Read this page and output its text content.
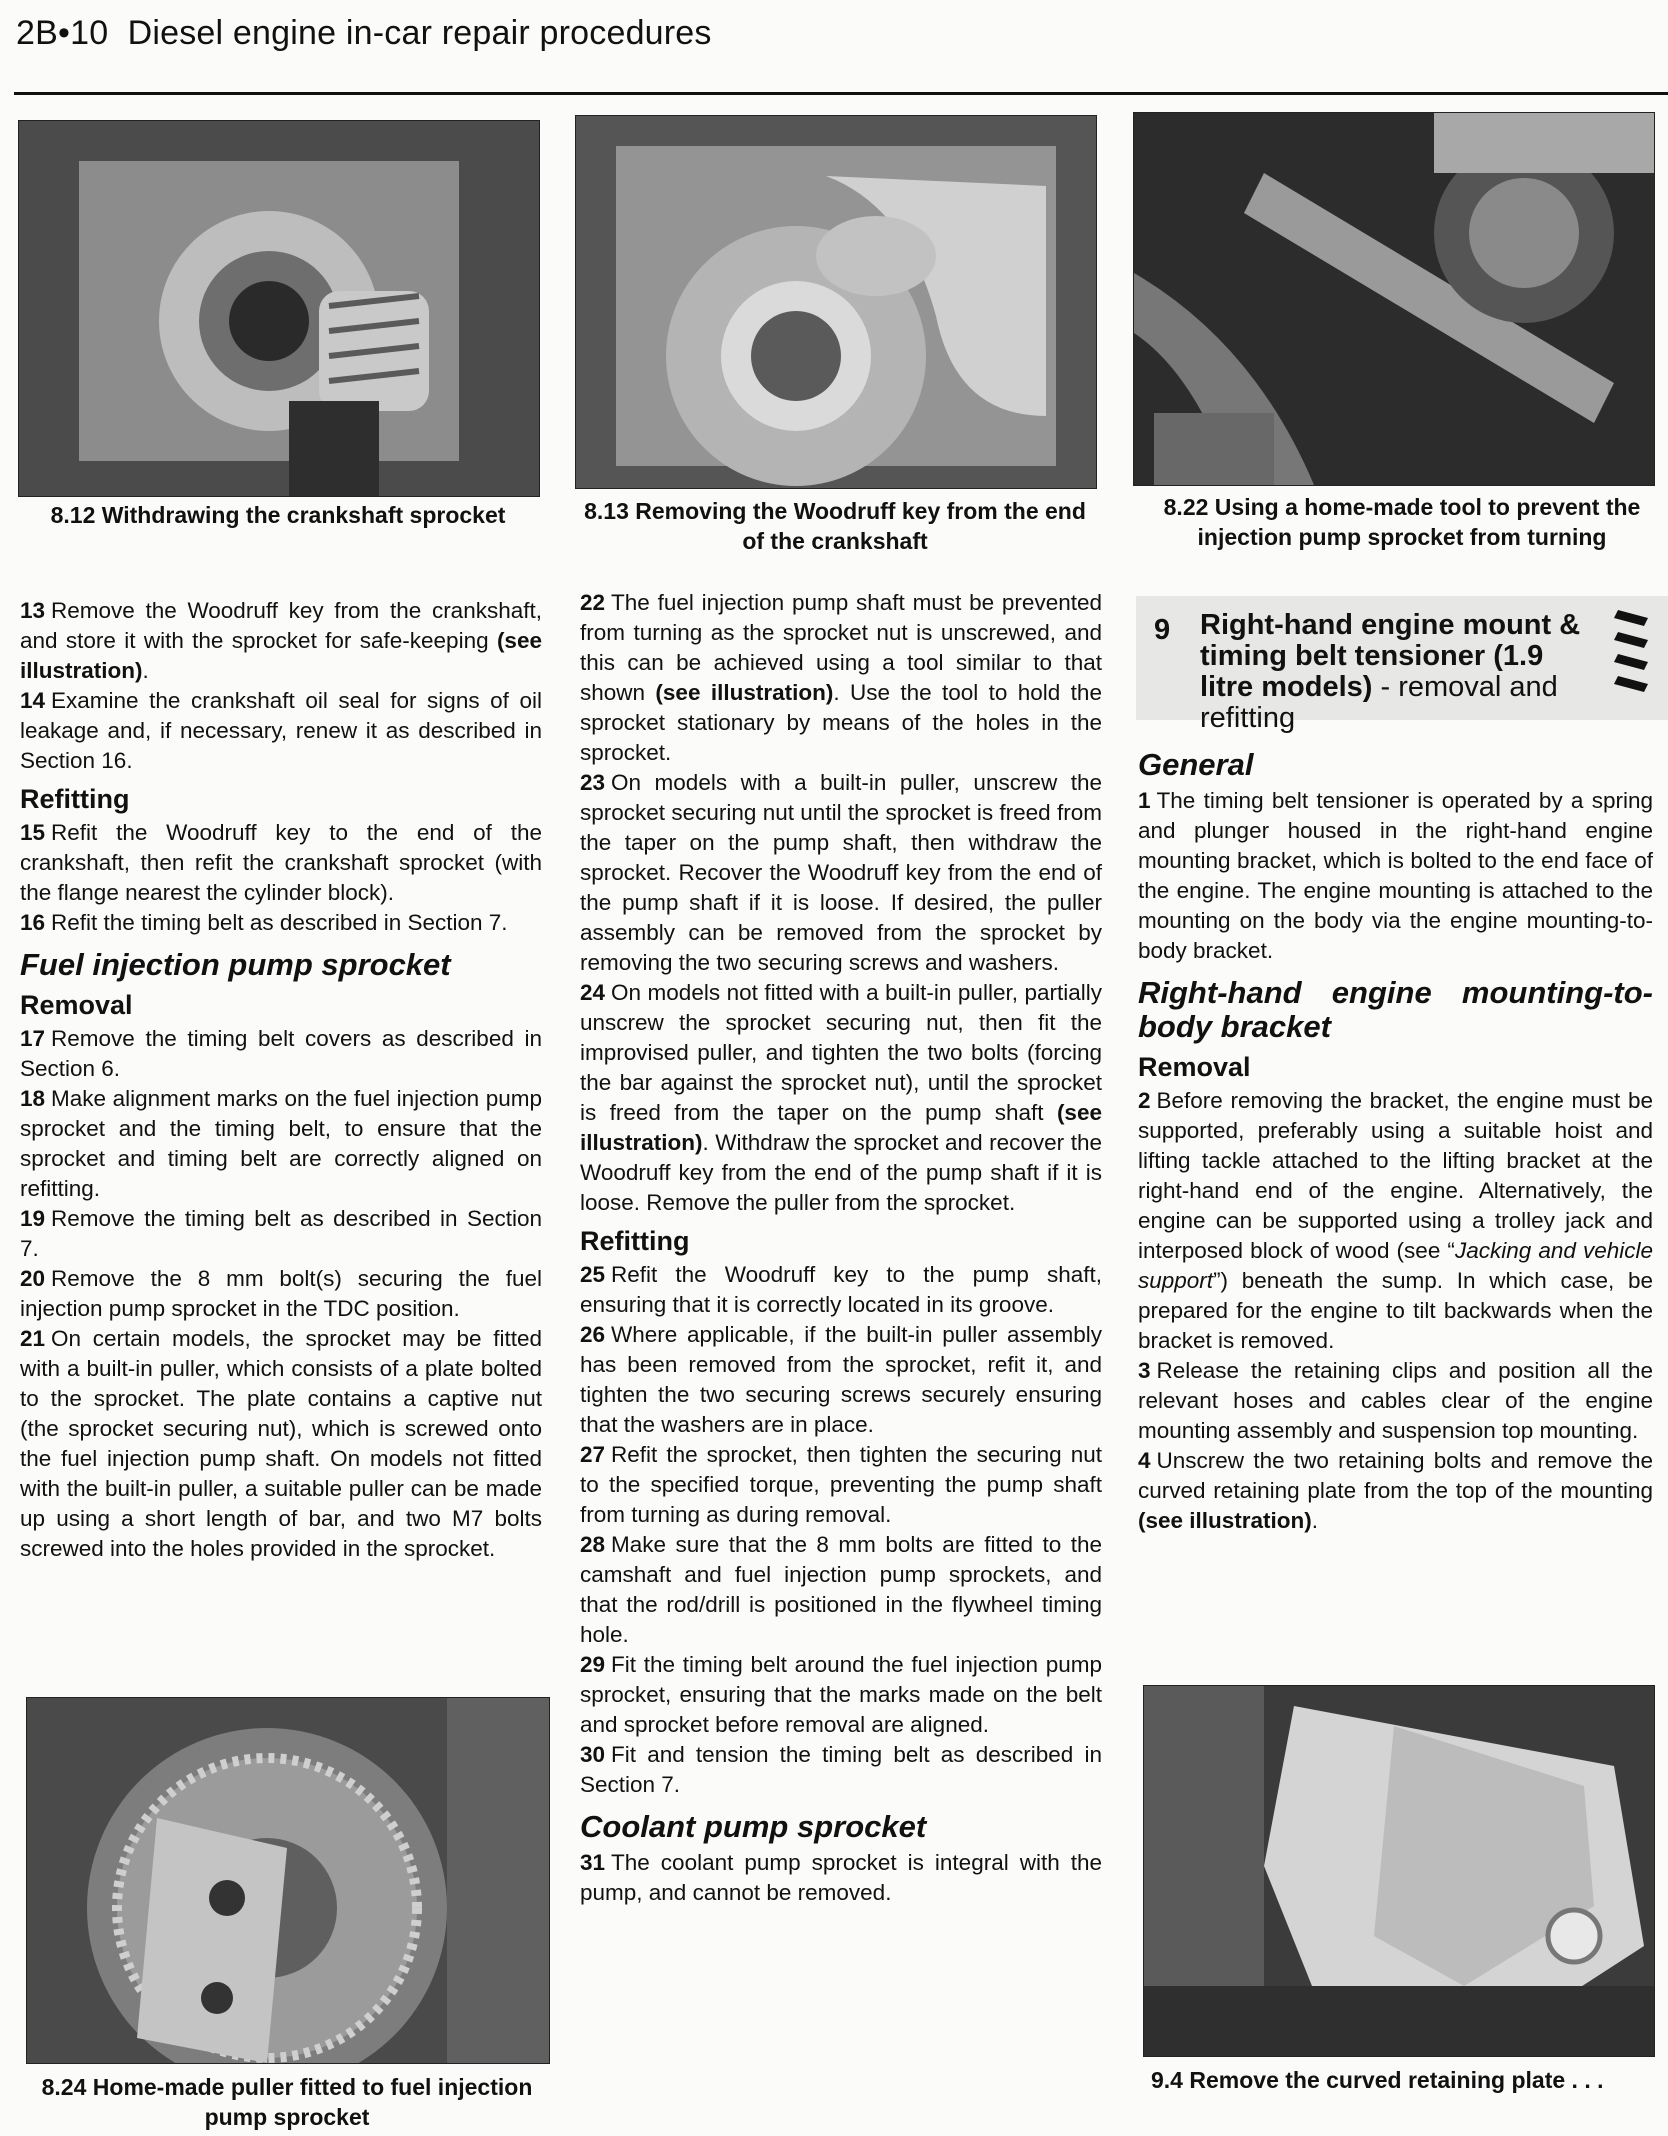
2B•10 Diesel engine in-car repair procedures
8.12 Withdrawing the crankshaft sprocket	8.13 Removing the Woodruff key from the end of the crankshaft
8.22 Using a home-made tool to prevent the injection pump sprocket from turning
8.24 Home-made puller fitted to fuel injection pump sprocket
9.4 Remove the curved retaining plate . . .

13 Remove the Woodruff key from the crankshaft, and store it with the sprocket for safe-keeping (see illustration).

14 Examine the crankshaft oil seal for signs of oil leakage and, if necessary, renew it as described in Section 16.

Refitting

15 Refit the Woodruff key to the end of the crankshaft, then refit the crankshaft sprocket (with the flange nearest the cylinder block).

16 Refit the timing belt as described in Section 7.

Fuel injection pump sprocket
Removal

17 Remove the timing belt covers as described in Section 6.

18 Make alignment marks on the fuel injection pump sprocket and the timing belt, to ensure that the sprocket and timing belt are correctly aligned on refitting.

19 Remove the timing belt as described in Section 7.

20 Remove the 8 mm bolt(s) securing the fuel injection pump sprocket in the TDC position.

21 On certain models, the sprocket may be fitted with a built-in puller, which consists of a plate bolted to the sprocket. The plate contains a captive nut (the sprocket securing nut), which is screwed onto the fuel injection pump shaft. On models not fitted with the built-in puller, a suitable puller can be made up using a short length of bar, and two M7 bolts screwed into the holes provided in the sprocket.

22 The fuel injection pump shaft must be prevented from turning as the sprocket nut is unscrewed, and this can be achieved using a tool similar to that shown (see illustration). Use the tool to hold the sprocket stationary by means of the holes in the sprocket.

23 On models with a built-in puller, unscrew the sprocket securing nut until the sprocket is freed from the taper on the pump shaft, then withdraw the sprocket. Recover the Woodruff key from the end of the pump shaft if it is loose. If desired, the puller assembly can be removed from the sprocket by removing the two securing screws and washers.

24 On models not fitted with a built-in puller, partially unscrew the sprocket securing nut, then fit the improvised puller, and tighten the two bolts (forcing the bar against the sprocket nut), until the sprocket is freed from the taper on the pump shaft (see illustration). Withdraw the sprocket and recover the Woodruff key from the end of the pump shaft if it is loose. Remove the puller from the sprocket.

Refitting

25 Refit the Woodruff key to the pump shaft, ensuring that it is correctly located in its groove.

26 Where applicable, if the built-in puller assembly has been removed from the sprocket, refit it, and tighten the two securing screws securely ensuring that the washers are in place.

27 Refit the sprocket, then tighten the securing nut to the specified torque, preventing the pump shaft from turning as during removal.

28 Make sure that the 8 mm bolts are fitted to the camshaft and fuel injection pump sprockets, and that the rod/drill is positioned in the flywheel timing hole.

29 Fit the timing belt around the fuel injection pump sprocket, ensuring that the marks made on the belt and sprocket before removal are aligned.

30 Fit and tension the timing belt as described in Section 7.

Coolant pump sprocket

31 The coolant pump sprocket is integral with the pump, and cannot be removed.

9 Right-hand engine mount & timing belt tensioner (1.9 litre models) - removal and refitting
General

1 The timing belt tensioner is operated by a spring and plunger housed in the right-hand engine mounting bracket, which is bolted to the end face of the engine. The engine mounting is attached to the mounting on the body via the engine mounting-to-body bracket.

Right-hand engine mounting-to-body bracket
Removal

2 Before removing the bracket, the engine must be supported, preferably using a suitable hoist and lifting tackle attached to the lifting bracket at the right-hand end of the engine. Alternatively, the engine can be supported using a trolley jack and interposed block of wood (see “Jacking and vehicle support”) beneath the sump. In which case, be prepared for the engine to tilt backwards when the bracket is removed.

3 Release the retaining clips and position all the relevant hoses and cables clear of the engine mounting assembly and suspension top mounting.

4 Unscrew the two retaining bolts and remove the curved retaining plate from the top of the mounting (see illustration).
